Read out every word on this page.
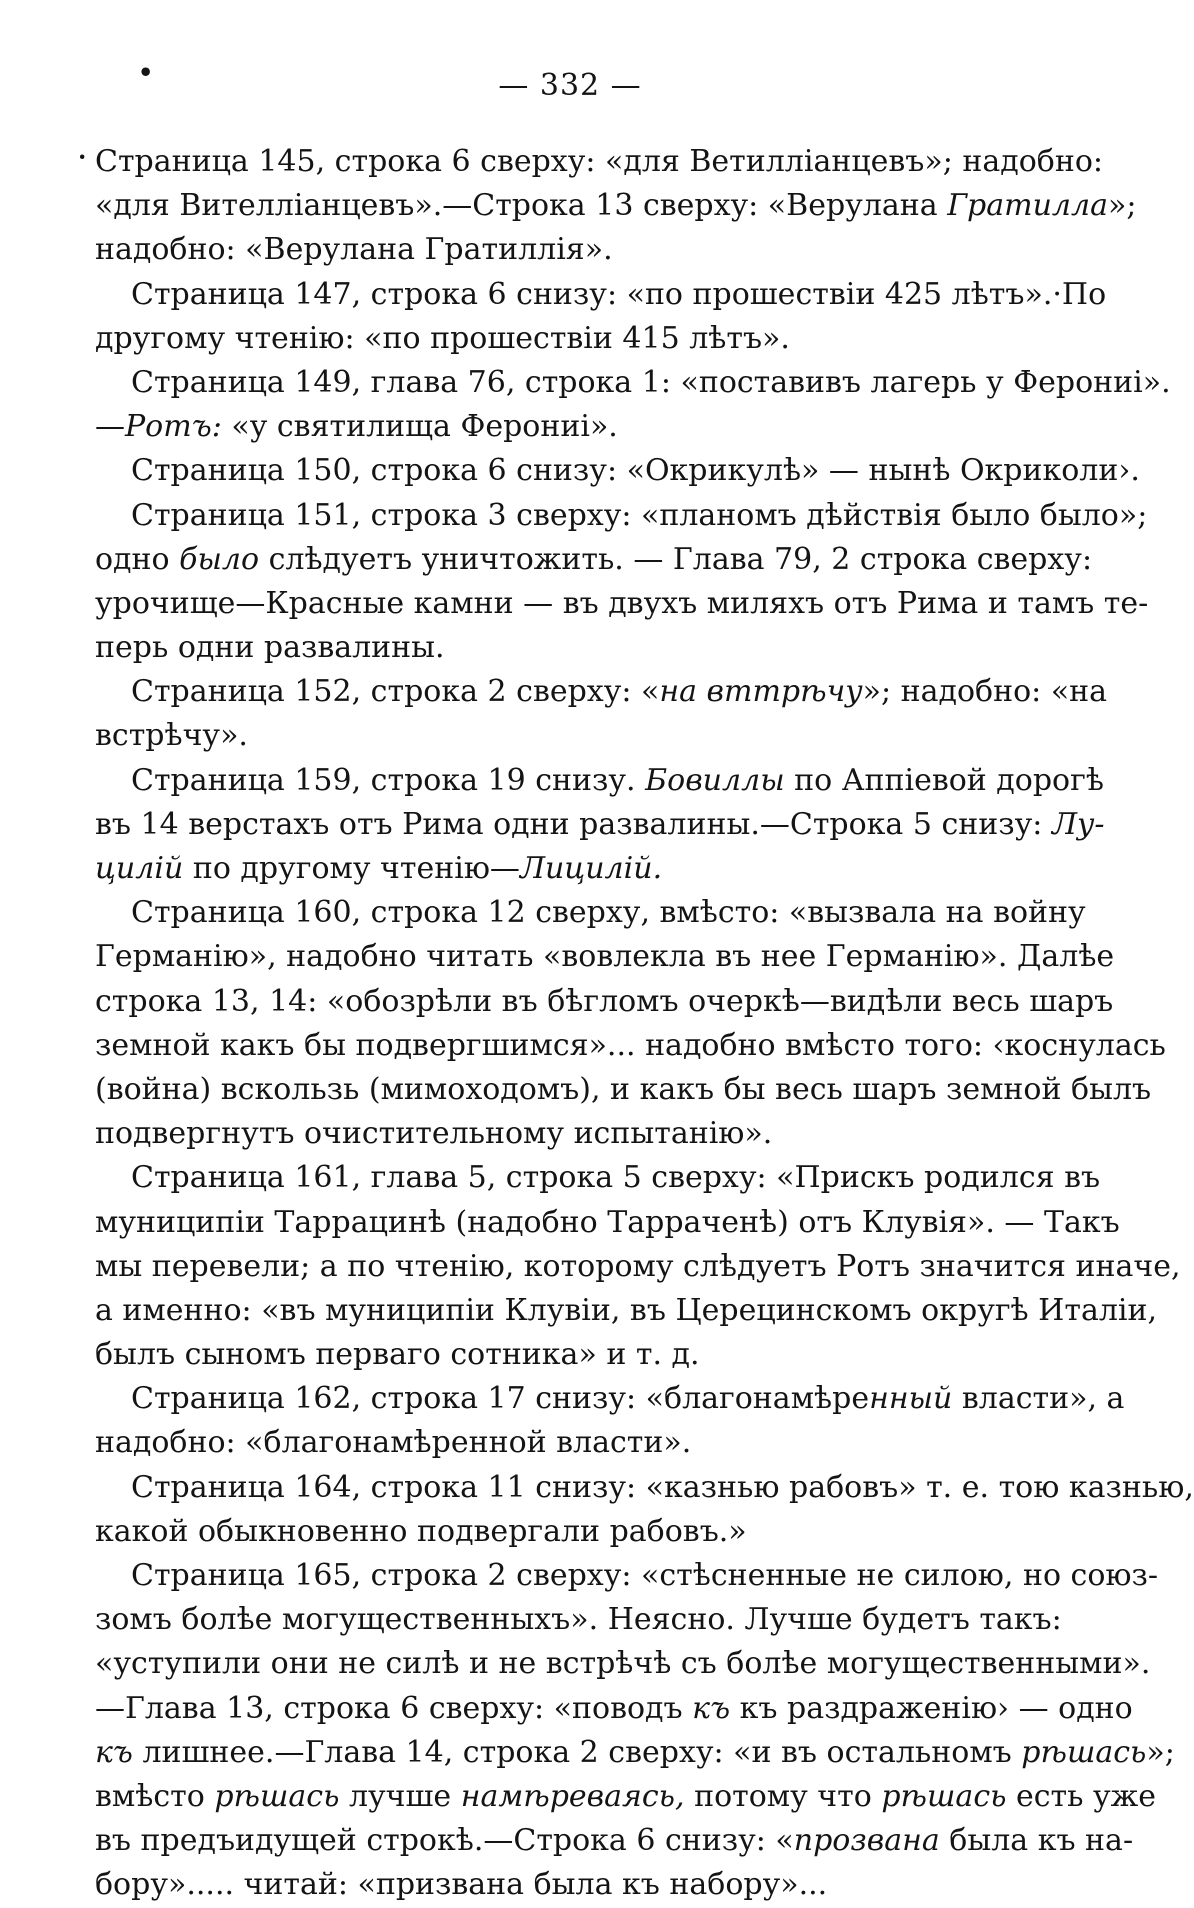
•
·
— 332 —
Страница 145, строка 6 сверху: «для Ветилліанцевъ»; надобно:
«для Вителліанцевъ».—Строка 13 сверху: «Верулана Гратилла»;
надобно: «Верулана Гратиллія».
Страница 147, строка 6 снизу: «по прошествіи 425 лѣтъ».·По
другому чтенію: «по прошествіи 415 лѣтъ».
Страница 149, глава 76, строка 1: «поставивъ лагерь у Ферониі».
—Ротъ: «у святилища Ферониі».
Страница 150, строка 6 снизу: «Окрикулѣ» — нынѣ Окриколи›.
Страница 151, строка 3 сверху: «планомъ дѣйствія было было»;
одно было слѣдуетъ уничтожить. — Глава 79, 2 строка сверху:
урочище—Красные камни — въ двухъ миляхъ отъ Рима и тамъ те-
перь одни развалины.
Страница 152, строка 2 сверху: «на вттрѣчу»; надобно: «на
встрѣчу».
Страница 159, строка 19 снизу. Бовиллы по Аппіевой дорогѣ
въ 14 верстахъ отъ Рима одни развалины.—Строка 5 снизу: Лу-
цилій по другому чтенію—Лицилій.
Страница 160, строка 12 сверху, вмѣсто: «вызвала на войну
Германію», надобно читать «вовлекла въ нее Германію». Далѣе
строка 13, 14: «обозрѣли въ бѣгломъ очеркѣ—видѣли весь шаръ
земной какъ бы подвергшимся»... надобно вмѣсто того: ‹коснулась
(война) вскользь (мимоходомъ), и какъ бы весь шаръ земной былъ
подвергнутъ очистительному испытанію».
Страница 161, глава 5, строка 5 сверху: «Прискъ родился въ
муниципіи Таррацинѣ (надобно Тарраченѣ) отъ Клувія». — Такъ
мы перевели; а по чтенію, которому слѣдуетъ Ротъ значится иначе,
а именно: «въ муниципіи Клувіи, въ Церецинскомъ округѣ Италіи,
былъ сыномъ перваго сотника» и т. д.
Страница 162, строка 17 снизу: «благонамѣренный власти», а
надобно: «благонамѣренной власти».
Страница 164, строка 11 снизу: «казнью рабовъ» т. е. тою казнью,
какой обыкновенно подвергали рабовъ.»
Страница 165, строка 2 сверху: «стѣсненные не силою, но союз-
зомъ болѣе могущественныхъ». Неясно. Лучше будетъ такъ:
«уступили они не силѣ и не встрѣчѣ съ болѣе могущественными».
—Глава 13, строка 6 сверху: «поводъ къ къ раздраженію› — одно
къ лишнее.—Глава 14, строка 2 сверху: «и въ остальномъ рѣшась»;
вмѣсто рѣшась лучше намѣреваясь, потому что рѣшась есть уже
въ предъидущей строкѣ.—Строка 6 снизу: «прозвана была къ на-
бору»..... читай: «призвана была къ набору»...
